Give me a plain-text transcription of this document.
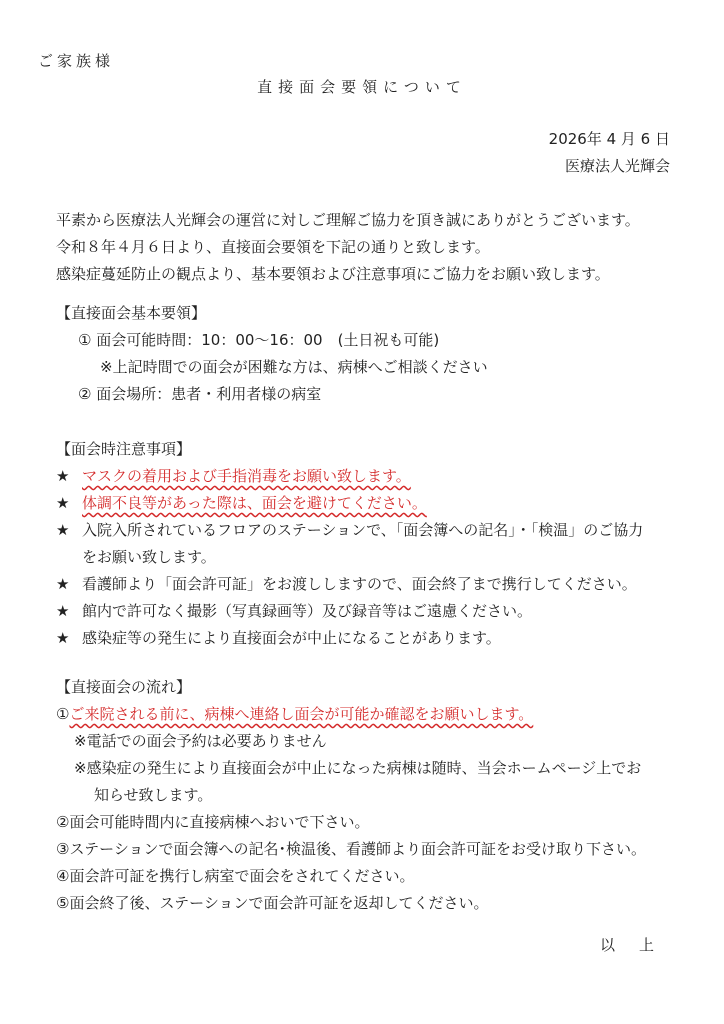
ご家族様
直接面会要領について
2026年 4 月 6 日
医療法人光輝会
平素から医療法人光輝会の運営に対しご理解ご協力を頂き誠にありがとうございます。
令和８年４月６日より、直接面会要領を下記の通りと致します。
感染症蔓延防止の観点より、基本要領および注意事項にご協力をお願い致します。
【直接面会基本要領】
① 面会可能時間：10：00〜16：00　(土日祝も可能)
※上記時間での面会が困難な方は、病棟へご相談ください
② 面会場所：患者・利用者様の病室
【面会時注意事項】
★ マスクの着用および手指消毒をお願い致します。
★ 体調不良等があった際は、面会を避けてください。
★ 入院入所されているフロアのステーションで、「面会簿への記名」・「検温」のご協力
をお願い致します。
★ 看護師より「面会許可証」をお渡ししますので、面会終了まで携行してください。
★ 館内で許可なく撮影（写真録画等）及び録音等はご遠慮ください。
★ 感染症等の発生により直接面会が中止になることがあります。
【直接面会の流れ】
①ご来院される前に、病棟へ連絡し面会が可能か確認をお願いします。
※電話での面会予約は必要ありません
※感染症の発生により直接面会が中止になった病棟は随時、当会ホームページ上でお
知らせ致します。
②面会可能時間内に直接病棟へおいで下さい。
③ステーションで面会簿への記名･検温後、看護師より面会許可証をお受け取り下さい。
④面会許可証を携行し病室で面会をされてください。
⑤面会終了後、ステーションで面会許可証を返却してください。
以上
